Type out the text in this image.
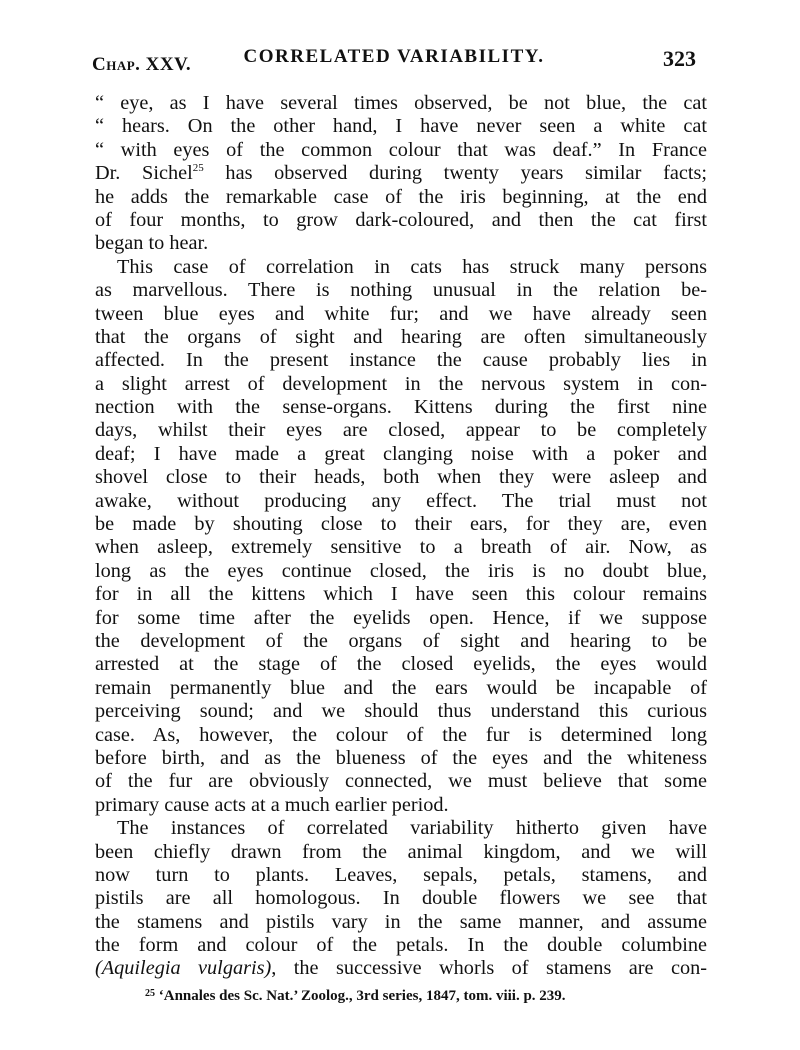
Chap. XXV.	CORRELATED VARIABILITY.	323
“ eye, as I have several times observed, be not blue, the cat
“ hears. On the other hand, I have never seen a white cat
“ with eyes of the common colour that was deaf.” In France
Dr. Sichel$^{25}$ has observed during twenty years similar facts;
he adds the remarkable case of the iris beginning, at the end
of four months, to grow dark-coloured, and then the cat first
began to hear.
This case of correlation in cats has struck many persons
as marvellous. There is nothing unusual in the relation be-
tween blue eyes and white fur; and we have already seen
that the organs of sight and hearing are often simultaneously
affected. In the present instance the cause probably lies in
a slight arrest of development in the nervous system in con-
nection with the sense-organs. Kittens during the first nine
days, whilst their eyes are closed, appear to be completely
deaf; I have made a great clanging noise with a poker and
shovel close to their heads, both when they were asleep and
awake, without producing any effect. The trial must not
be made by shouting close to their ears, for they are, even
when asleep, extremely sensitive to a breath of air. Now, as
long as the eyes continue closed, the iris is no doubt blue,
for in all the kittens which I have seen this colour remains
for some time after the eyelids open. Hence, if we suppose
the development of the organs of sight and hearing to be
arrested at the stage of the closed eyelids, the eyes would
remain permanently blue and the ears would be incapable of
perceiving sound; and we should thus understand this curious
case. As, however, the colour of the fur is determined long
before birth, and as the blueness of the eyes and the whiteness
of the fur are obviously connected, we must believe that some
primary cause acts at a much earlier period.
The instances of correlated variability hitherto given have
been chiefly drawn from the animal kingdom, and we will
now turn to plants. Leaves, sepals, petals, stamens, and
pistils are all homologous. In double flowers we see that
the stamens and pistils vary in the same manner, and assume
the form and colour of the petals. In the double columbine
(Aquilegia vulgaris), the successive whorls of stamens are con-
$^{25}$ ‘Annales des Sc. Nat.’ Zoolog., 3rd series, 1847, tom. viii. p. 239.
